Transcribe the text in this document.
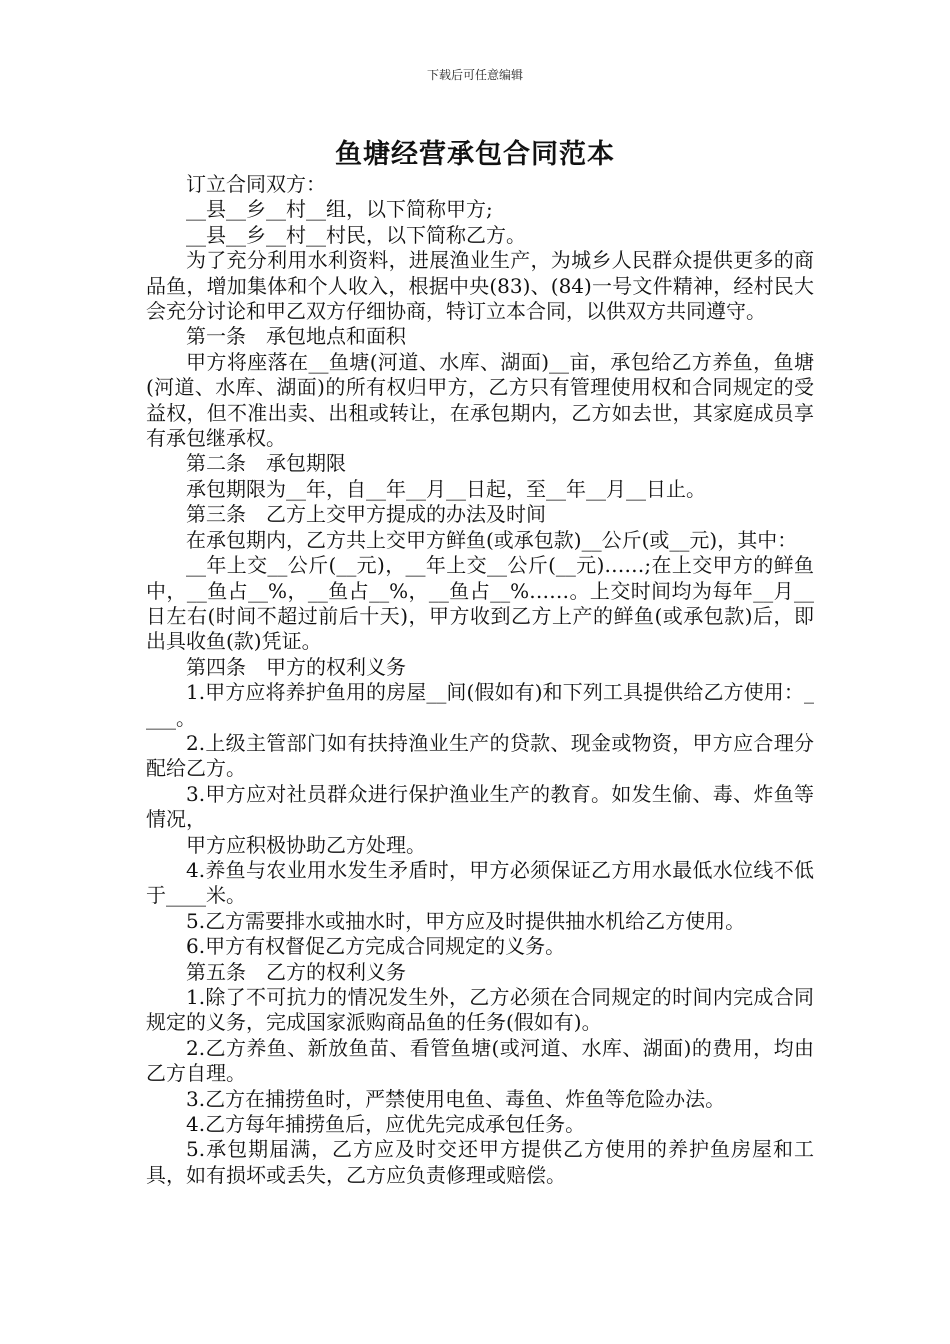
下载后可任意编辑
鱼塘经营承包合同范本

订立合同双方：

__县__乡__村__组，以下简称甲方;

__县__乡__村__村民，以下简称乙方。

为了充分利用水利资料，进展渔业生产，为城乡人民群众提供更多的商品鱼，增加集体和个人收入，根据中央(83)、(84)一号文件精神，经村民大会充分讨论和甲乙双方仔细协商，特订立本合同，以供双方共同遵守。

第一条　承包地点和面积

甲方将座落在__鱼塘(河道、水库、湖面)__亩，承包给乙方养鱼，鱼塘(河道、水库、湖面)的所有权归甲方，乙方只有管理使用权和合同规定的受益权，但不准出卖、出租或转让，在承包期内，乙方如去世，其家庭成员享有承包继承权。

第二条　承包期限

承包期限为__年，自__年__月__日起，至__年__月__日止。

第三条　乙方上交甲方提成的办法及时间

在承包期内，乙方共上交甲方鲜鱼(或承包款)__公斤(或__元)，其中：

__年上交__公斤(__元)，__年上交__公斤(__元)……;在上交甲方的鲜鱼中，__鱼占__%，__鱼占__%，__鱼占__%……。上交时间均为每年__月__日左右(时间不超过前后十天)，甲方收到乙方上产的鲜鱼(或承包款)后，即出具收鱼(款)凭证。

第四条　甲方的权利义务

1.甲方应将养护鱼用的房屋__间(假如有)和下列工具提供给乙方使用：____。

2.上级主管部门如有扶持渔业生产的贷款、现金或物资，甲方应合理分配给乙方。

3.甲方应对社员群众进行保护渔业生产的教育。如发生偷、毒、炸鱼等情况，

甲方应积极协助乙方处理。

4.养鱼与农业用水发生矛盾时，甲方必须保证乙方用水最低水位线不低于____米。

5.乙方需要排水或抽水时，甲方应及时提供抽水机给乙方使用。

6.甲方有权督促乙方完成合同规定的义务。

第五条　乙方的权利义务

1.除了不可抗力的情况发生外，乙方必须在合同规定的时间内完成合同规定的义务，完成国家派购商品鱼的任务(假如有)。

2.乙方养鱼、新放鱼苗、看管鱼塘(或河道、水库、湖面)的费用，均由乙方自理。

3.乙方在捕捞鱼时，严禁使用电鱼、毒鱼、炸鱼等危险办法。

4.乙方每年捕捞鱼后，应优先完成承包任务。

5.承包期届满，乙方应及时交还甲方提供乙方使用的养护鱼房屋和工具，如有损坏或丢失，乙方应负责修理或赔偿。
